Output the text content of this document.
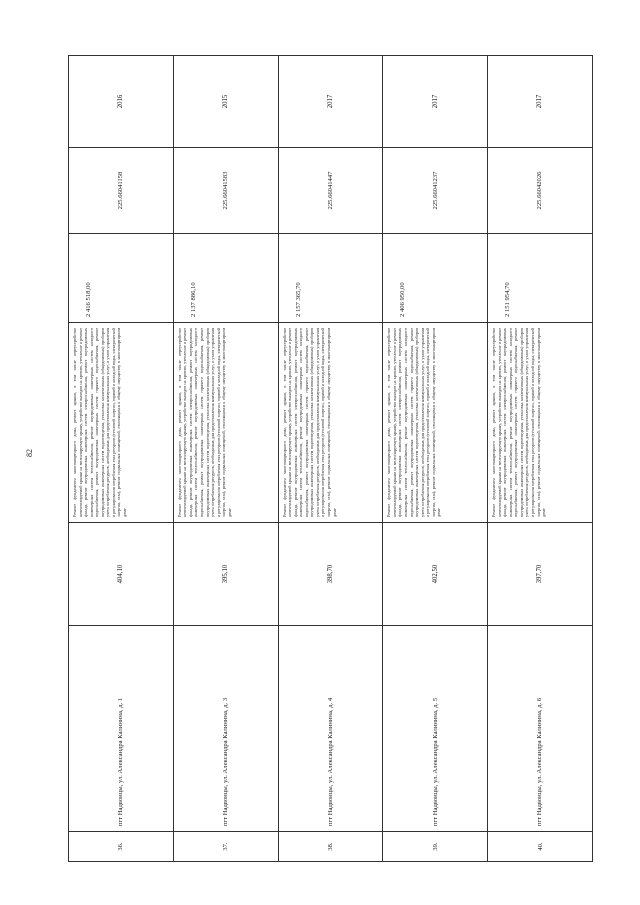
82
36.	пгт Надвоицы, ул. Александра Калинина, д. 1	404,10	Ремонт фундамента многоквартирного дома, ремонт крыши, в том числе переустройство невентилируемой крыши на вентилируемую крышу, устройство выходов на кровлю, утепление и ремонт фасада, ремонт внутридомовых инженерных систем электроснабжения, ремонт внутридомовых инженерных систем теплоснабжения, ремонт внутридомовых инженерных систем холодного водоснабжения, ремонт внутридомовых инженерных систем горячего водоснабжения, ремонт внутридомовых инженерных систем водоотведения, установка коллективных (общедомовых) приборов учета потребления ресурсов, необходимых для предоставления коммунальных услуг, и узлов управления и регулирования потребления этих ресурсов (тепловой энергии, горячей и холодной воды, электрической энергии, газа), ремонт подвальных помещений, относящихся к общему имуществу в многоквартирном доме	2 416 518,00	225.66041158	2016
37.	пгт Надвоицы, ул. Александра Калинина, д. 3	395,10	Ремонт фундамента многоквартирного дома, ремонт крыши, в том числе переустройство невентилируемой крыши на вентилируемую крышу, устройство выходов на кровлю, утепление и ремонт фасада, ремонт внутридомовых инженерных систем электроснабжения, ремонт внутридомовых инженерных систем теплоснабжения, ремонт внутридомовых инженерных систем холодного водоснабжения, ремонт внутридомовых инженерных систем горячего водоснабжения, ремонт внутридомовых инженерных систем водоотведения, установка коллективных (общедомовых) приборов учета потребления ресурсов, необходимых для предоставления коммунальных услуг, и узлов управления и регулирования потребления этих ресурсов (тепловой энергии, горячей и холодной воды, электрической энергии, газа), ремонт подвальных помещений, относящихся к общему имуществу в многоквартирном доме	2 137 886,10	225.66041583	2015
38.	пгт Надвоицы, ул. Александра Калинина, д. 4	398,70	Ремонт фундамента многоквартирного дома, ремонт крыши, в том числе переустройство невентилируемой крыши на вентилируемую крышу, устройство выходов на кровлю, утепление и ремонт фасада, ремонт внутридомовых инженерных систем электроснабжения, ремонт внутридомовых инженерных систем теплоснабжения, ремонт внутридомовых инженерных систем холодного водоснабжения, ремонт внутридомовых инженерных систем горячего водоснабжения, ремонт внутридомовых инженерных систем водоотведения, установка коллективных (общедомовых) приборов учета потребления ресурсов, необходимых для предоставления коммунальных услуг, и узлов управления и регулирования потребления этих ресурсов (тепловой энергии, горячей и холодной воды, электрической энергии, газа), ремонт подвальных помещений, относящихся к общему имуществу в многоквартирном доме	2 157 365,70	225.66041447	2017
39.	пгт Надвоицы, ул. Александра Калинина, д. 5	402,50	Ремонт фундамента многоквартирного дома, ремонт крыши, в том числе переустройство невентилируемой крыши на вентилируемую крышу, устройство выходов на кровлю, утепление и ремонт фасада, ремонт внутридомовых инженерных систем электроснабжения, ремонт внутридомовых инженерных систем теплоснабжения, ремонт внутридомовых инженерных систем холодного водоснабжения, ремонт внутридомовых инженерных систем горячего водоснабжения, ремонт внутридомовых инженерных систем водоотведения, установка коллективных (общедомовых) приборов учета потребления ресурсов, необходимых для предоставления коммунальных услуг, и узлов управления и регулирования потребления этих ресурсов (тепловой энергии, горячей и холодной воды, электрической энергии, газа), ремонт подвальных помещений, относящихся к общему имуществу в многоквартирном доме	2 406 950,00	225.66041237	2017
40.	пгт Надвоицы, ул. Александра Калинина, д. 6	397,70	Ремонт фундамента многоквартирного дома, ремонт крыши, в том числе переустройство невентилируемой крыши на вентилируемую крышу, устройство выходов на кровлю, утепление и ремонт фасада, ремонт внутридомовых инженерных систем электроснабжения, ремонт внутридомовых инженерных систем теплоснабжения, ремонт внутридомовых инженерных систем холодного водоснабжения, ремонт внутридомовых инженерных систем горячего водоснабжения, ремонт внутридомовых инженерных систем водоотведения, установка коллективных (общедомовых) приборов учета потребления ресурсов, необходимых для предоставления коммунальных услуг, и узлов управления и регулирования потребления этих ресурсов (тепловой энергии, горячей и холодной воды, электрической энергии, газа), ремонт подвальных помещений, относящихся к общему имуществу в многоквартирном доме	2 151 954,70	225.66042026	2017
